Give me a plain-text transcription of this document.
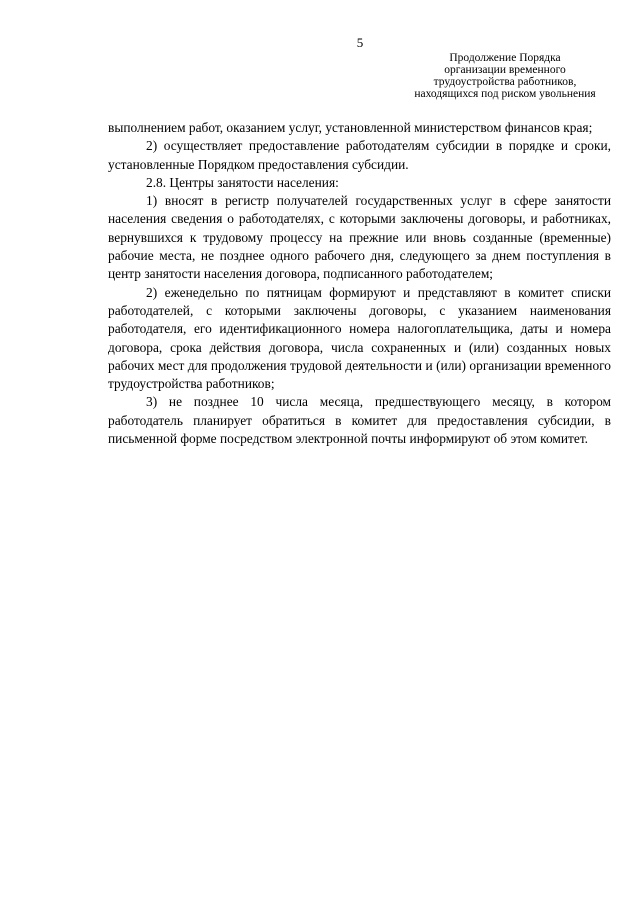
5
Продолжение Порядка
организации временного
трудоустройства работников,
находящихся под риском увольнения

выполнением работ, оказанием услуг, установленной министерством финансов края;

2) осуществляет предоставление работодателям субсидии в порядке и сроки, установленные Порядком предоставления субсидии.

2.8. Центры занятости населения:

1) вносят в регистр получателей государственных услуг в сфере занятости населения сведения о работодателях, с которыми заключены договоры, и работниках, вернувшихся к трудовому процессу на прежние или вновь созданные (временные) рабочие места, не позднее одного рабочего дня, следующего за днем поступления в центр занятости населения договора, подписанного работодателем;

2) еженедельно по пятницам формируют и представляют в комитет списки работодателей, с которыми заключены договоры, с указанием наименования работодателя, его идентификационного номера налогоплательщика, даты и номера договора, срока действия договора, числа сохраненных и (или) созданных новых рабочих мест для продолжения трудовой деятельности и (или) организации временного трудоустройства работников;

3) не позднее 10 числа месяца, предшествующего месяцу, в котором работодатель планирует обратиться в комитет для предоставления субсидии, в письменной форме посредством электронной почты информируют об этом комитет.
